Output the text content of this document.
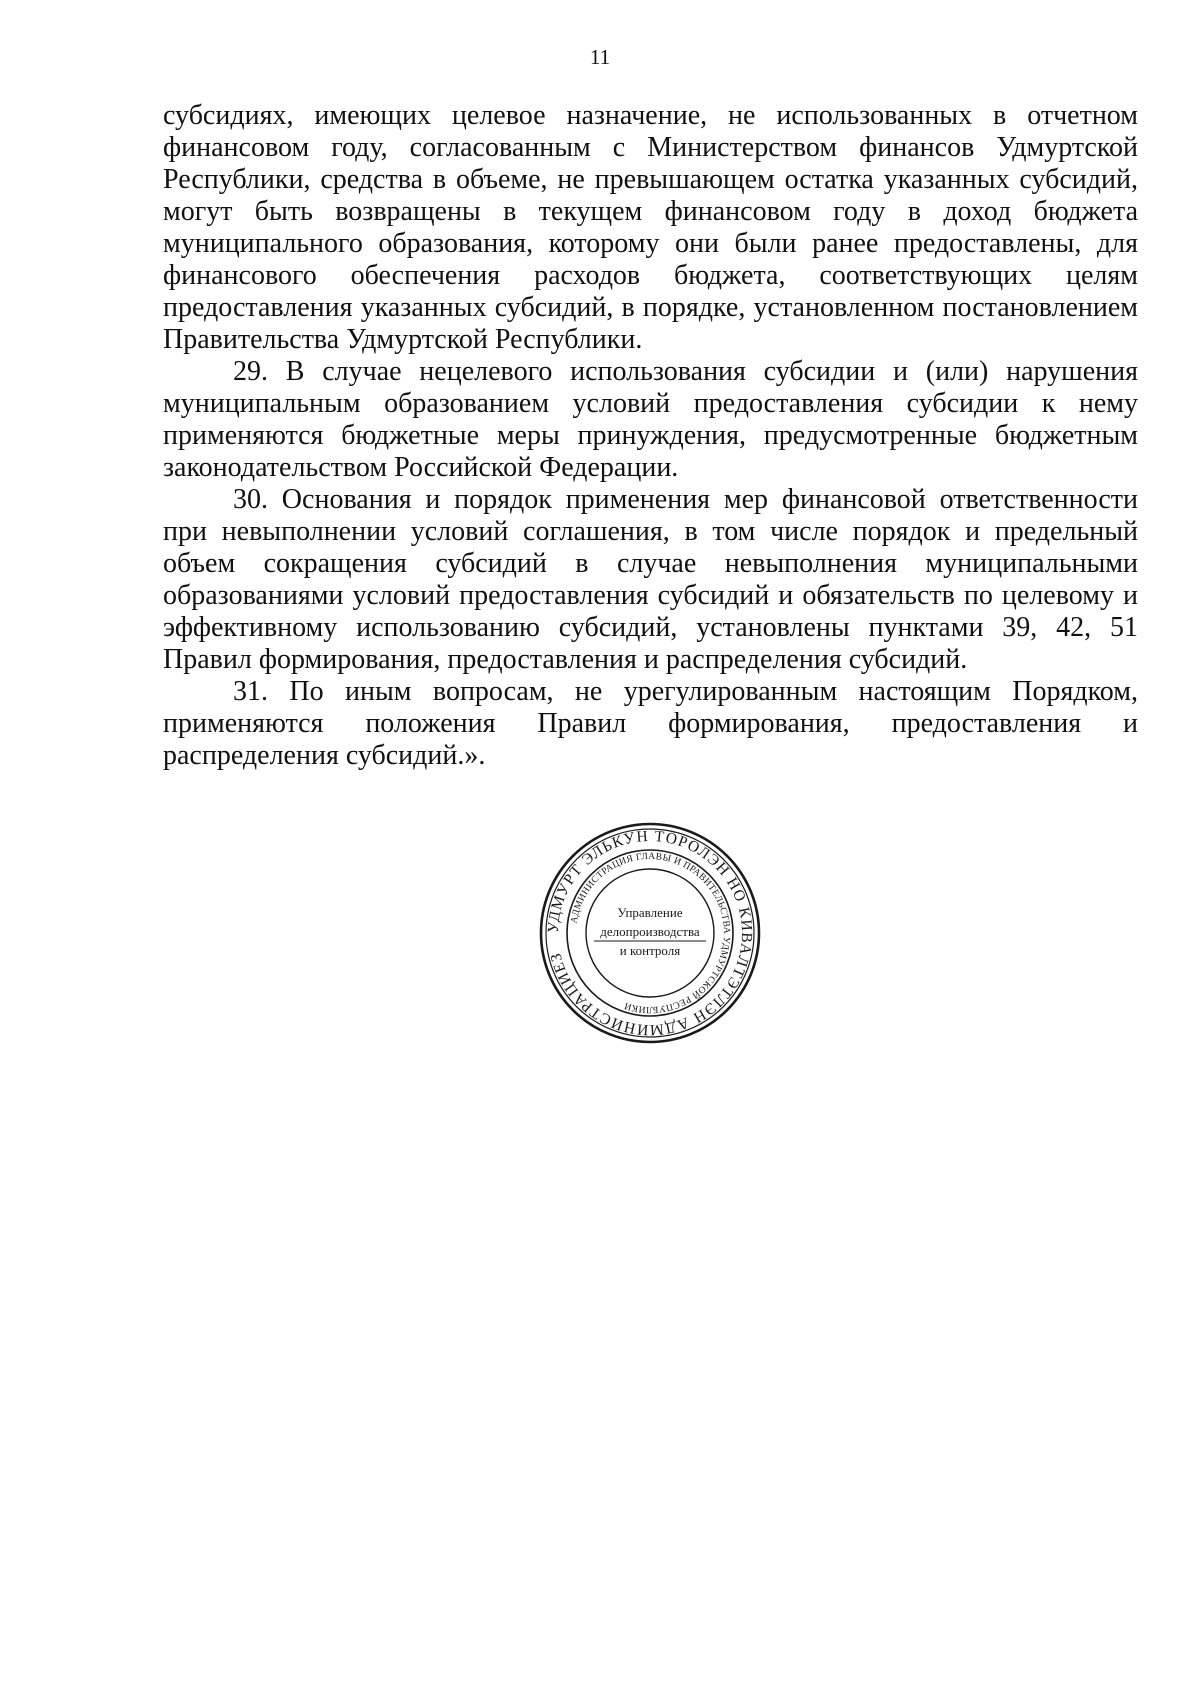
11

субсидиях, имеющих целевое назначение, не использованных в отчетном финансовом году, согласованным с Министерством финансов Удмуртской Республики, средства в объеме, не превышающем остатка указанных субсидий, могут быть возвращены в текущем финансовом году в доход бюджета муниципального образования, которому они были ранее предоставлены, для финансового обеспечения расходов бюджета, соответствующих целям предоставления указанных субсидий, в порядке, установленном постановлением Правительства Удмуртской Республики.

29. В случае нецелевого использования субсидии и (или) нарушения муниципальным образованием условий предоставления субсидии к нему применяются бюджетные меры принуждения, предусмотренные бюджетным законодательством Российской Федерации.

30. Основания и порядок применения мер финансовой ответственности при невыполнении условий соглашения, в том числе порядок и предельный объем сокращения субсидий в случае невыполнения муниципальными образованиями условий предоставления субсидий и обязательств по целевому и эффективному использованию субсидий, установлены пунктами 39, 42, 51 Правил формирования, предоставления и распределения субсидий.

31. По иным вопросам, не урегулированным настоящим Порядком, применяются положения Правил формирования, предоставления и распределения субсидий.».

УДМУРТ ЭЛЬКУН ТӦРОЛЭН НО КИВАЛТЭТЛЭН АДМИНИСТРАЦИЕЗ
АДМИНИСТРАЦИЯ ГЛАВЫ И ПРАВИТЕЛЬСТВА УДМУРТСКОЙ РЕСПУБЛИКИ
Управление
делопроизводства
и контроля
